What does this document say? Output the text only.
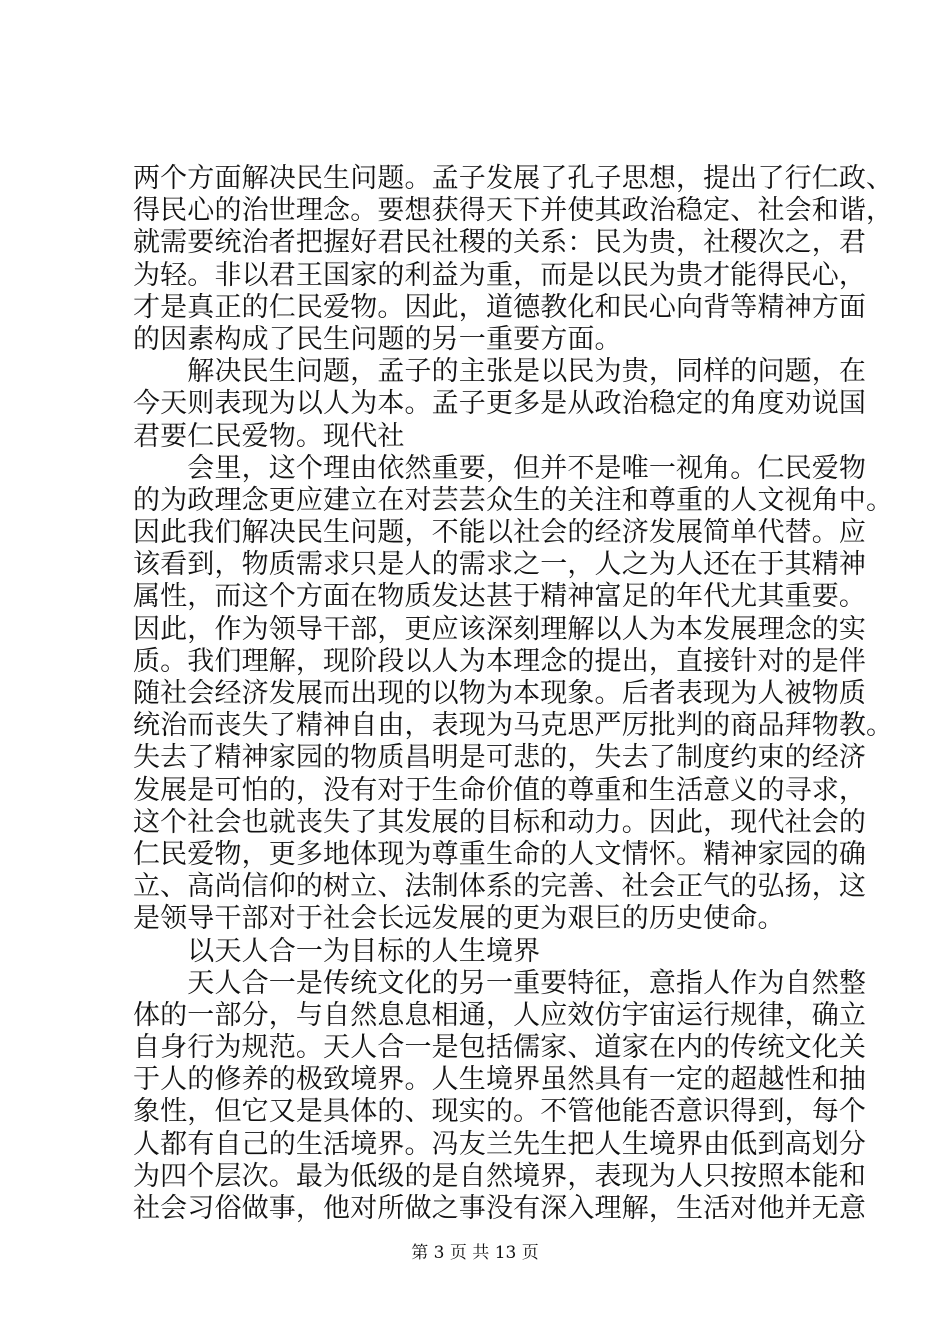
两个方面解决民生问题。孟子发展了孔子思想，提出了行仁政、
得民心的治世理念。要想获得天下并使其政治稳定、社会和谐，
就需要统治者把握好君民社稷的关系：民为贵，社稷次之，君
为轻。非以君王国家的利益为重，而是以民为贵才能得民心，
才是真正的仁民爱物。因此，道德教化和民心向背等精神方面
的因素构成了民生问题的另一重要方面。
　　解决民生问题，孟子的主张是以民为贵，同样的问题，在
今天则表现为以人为本。孟子更多是从政治稳定的角度劝说国
君要仁民爱物。现代社
　　会里，这个理由依然重要，但并不是唯一视角。仁民爱物
的为政理念更应建立在对芸芸众生的关注和尊重的人文视角中。
因此我们解决民生问题，不能以社会的经济发展简单代替。应
该看到，物质需求只是人的需求之一，人之为人还在于其精神
属性，而这个方面在物质发达甚于精神富足的年代尤其重要。
因此，作为领导干部，更应该深刻理解以人为本发展理念的实
质。我们理解，现阶段以人为本理念的提出，直接针对的是伴
随社会经济发展而出现的以物为本现象。后者表现为人被物质
统治而丧失了精神自由，表现为马克思严厉批判的商品拜物教。
失去了精神家园的物质昌明是可悲的，失去了制度约束的经济
发展是可怕的，没有对于生命价值的尊重和生活意义的寻求，
这个社会也就丧失了其发展的目标和动力。因此，现代社会的
仁民爱物，更多地体现为尊重生命的人文情怀。精神家园的确
立、高尚信仰的树立、法制体系的完善、社会正气的弘扬，这
是领导干部对于社会长远发展的更为艰巨的历史使命。
　　以天人合一为目标的人生境界
　　天人合一是传统文化的另一重要特征，意指人作为自然整
体的一部分，与自然息息相通，人应效仿宇宙运行规律，确立
自身行为规范。天人合一是包括儒家、道家在内的传统文化关
于人的修养的极致境界。人生境界虽然具有一定的超越性和抽
象性，但它又是具体的、现实的。不管他能否意识得到，每个
人都有自己的生活境界。冯友兰先生把人生境界由低到高划分
为四个层次。最为低级的是自然境界，表现为人只按照本能和
社会习俗做事，他对所做之事没有深入理解，生活对他并无意
第 3 页 共 13 页
